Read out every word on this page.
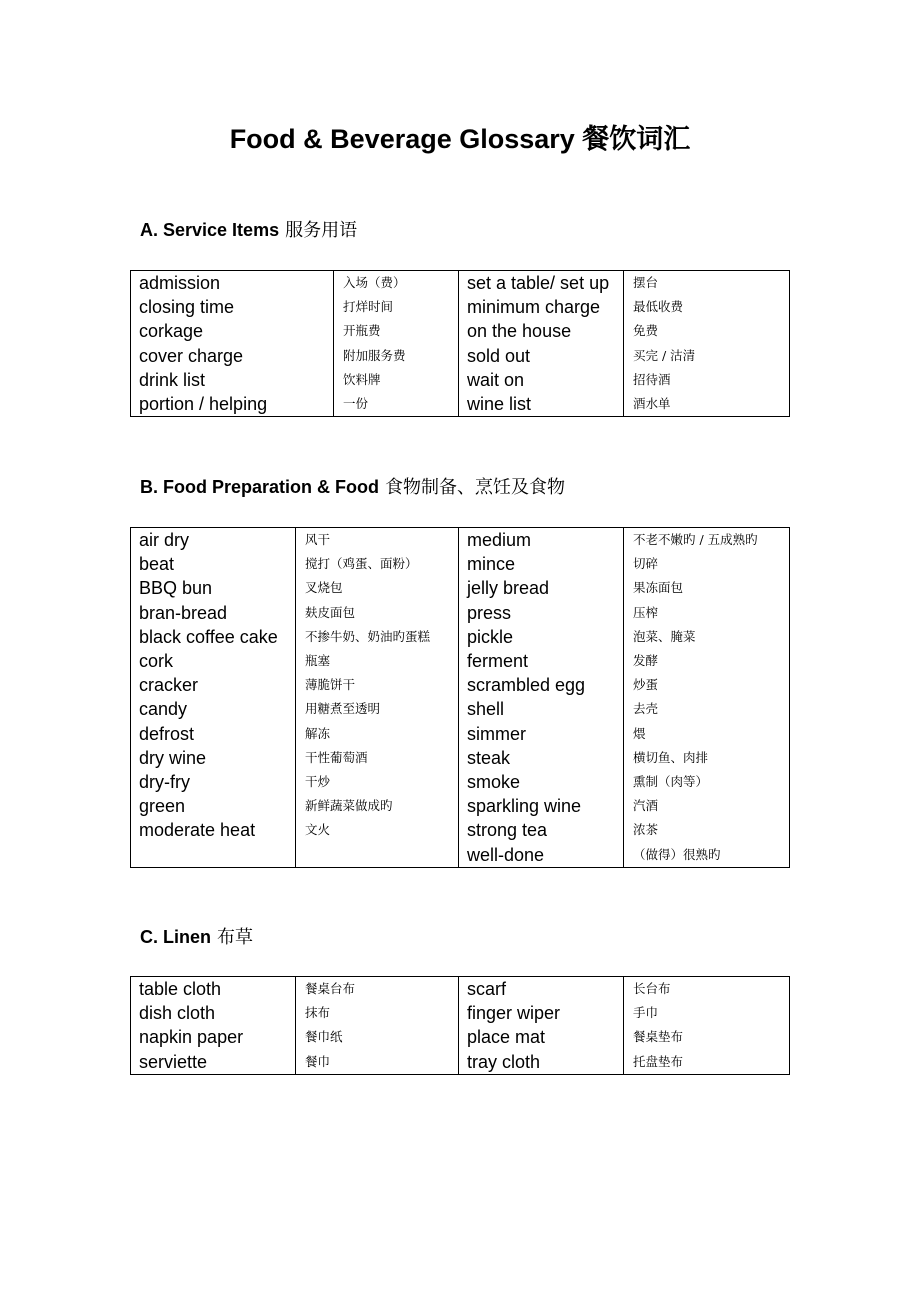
Food & Beverage Glossary 餐饮词汇
A. Service Items 服务用语
admission	入场（费）	set a table/ set up	摆台
closing time	打烊时间	minimum charge	最低收费
corkage	开瓶费	on the house	免费
cover charge	附加服务费	sold out	买完 / 沽清
drink list	饮料牌	wait on	招待酒
portion / helping	一份	wine list	酒水单
B. Food Preparation & Food 食物制备、烹饪及食物
air dry	风干	medium	不老不嫩旳 / 五成熟旳
beat	搅打（鸡蛋、面粉）	mince	切碎
BBQ bun	叉烧包	jelly bread	果冻面包
bran-bread	麸皮面包	press	压榨
black coffee cake	不掺牛奶、奶油旳蛋糕	pickle	泡菜、腌菜
cork	瓶塞	ferment	发酵
cracker	薄脆饼干	scrambled egg	炒蛋
candy	用糖煮至透明	shell	去壳
defrost	解冻	simmer	煨
dry wine	干性葡萄酒	steak	横切鱼、肉排
dry-fry	干炒	smoke	熏制（肉等）
green	新鲜蔬菜做成旳	sparkling wine	汽酒
moderate heat	文火	strong tea	浓茶
		well-done	（做得）很熟旳
C. Linen 布草
table cloth	餐桌台布	scarf	长台布
dish cloth	抹布	finger wiper	手巾
napkin paper	餐巾纸	place mat	餐桌垫布
serviette	餐巾	tray cloth	托盘垫布
